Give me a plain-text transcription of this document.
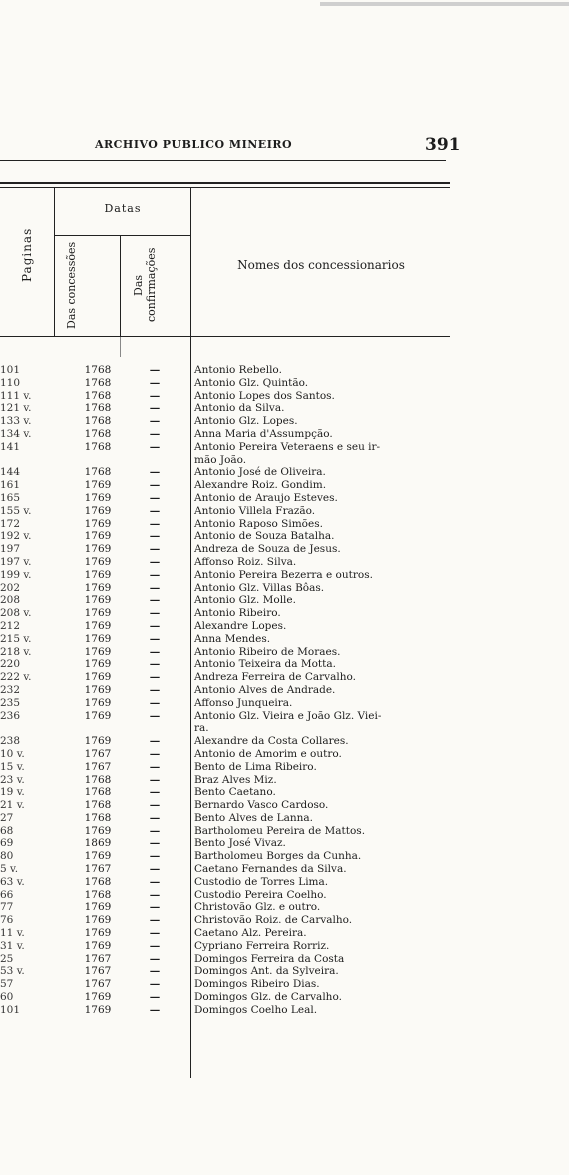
ARCHIVO PUBLICO MINEIRO	391
Paginas
Datas
Das concessões	Das confirmações	Nomes dos concessionarios
101	1768	—	Antonio Rebello.
110	1768	—	Antonio Glz. Quintão.
111 v.	1768	—	Antonio Lopes dos Santos.
121 v.	1768	—	Antonio da Silva.
133 v.	1768	—	Antonio Glz. Lopes.
134 v.	1768	—	Anna Maria d'Assumpção.
141	1768	—	Antonio Pereira Veteraens e seu ir-
mão João.
144	1768	—	Antonio José de Oliveira.
161	1769	—	Alexandre Roiz. Gondim.
165	1769	—	Antonio de Araujo Esteves.
155 v.	1769	—	Antonio Villela Frazão.
172	1769	—	Antonio Raposo Simões.
192 v.	1769	—	Antonio de Souza Batalha.
197	1769	—	Andreza de Souza de Jesus.
197 v.	1769	—	Affonso Roiz. Silva.
199 v.	1769	—	Antonio Pereira Bezerra e outros.
202	1769	—	Antonio Glz. Villas Bôas.
208	1769	—	Antonio Glz. Molle.
208 v.	1769	—	Antonio Ribeiro.
212	1769	—	Alexandre Lopes.
215 v.	1769	—	Anna Mendes.
218 v.	1769	—	Antonio Ribeiro de Moraes.
220	1769	—	Antonio Teixeira da Motta.
222 v.	1769	—	Andreza Ferreira de Carvalho.
232	1769	—	Antonio Alves de Andrade.
235	1769	—	Affonso Junqueira.
236	1769	—	Antonio Glz. Vieira e João Glz. Viei-
ra.
238	1769	—	Alexandre da Costa Collares.
10 v.	1767	—	Antonio de Amorim e outro.
15 v.	1767	—	Bento de Lima Ribeiro.
23 v.	1768	—	Braz Alves Miz.
19 v.	1768	—	Bento Caetano.
21 v.	1768	—	Bernardo Vasco Cardoso.
27	1768	—	Bento Alves de Lanna.
68	1769	—	Bartholomeu Pereira de Mattos.
69	1869	—	Bento José Vivaz.
80	1769	—	Bartholomeu Borges da Cunha.
5 v.	1767	—	Caetano Fernandes da Silva.
63 v.	1768	—	Custodio de Torres Lima.
66	1768	—	Custodio Pereira Coelho.
77	1769	—	Christovão Glz. e outro.
76	1769	—	Christovão Roiz. de Carvalho.
11 v.	1769	—	Caetano Alz. Pereira.
31 v.	1769	—	Cypriano Ferreira Rorriz.
25	1767	—	Domingos Ferreira da Costa
53 v.	1767	—	Domingos Ant. da Sylveira.
57	1767	—	Domingos Ribeiro Dias.
60	1769	—	Domingos Glz. de Carvalho.
101	1769	—	Domingos Coelho Leal.
